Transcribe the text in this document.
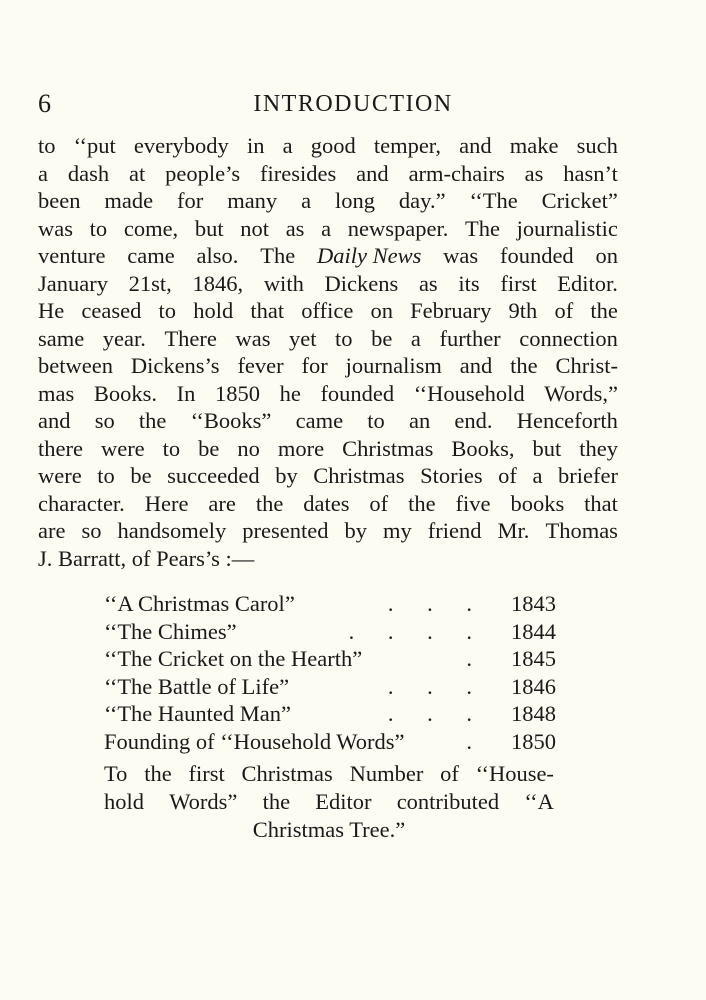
6	INTRODUCTION
to ‘‘put everybody in a good temper, and make such
a dash at people’s firesides and arm-chairs as hasn’t
been made for many a long day.” ‘‘The Cricket”
was to come, but not as a newspaper. The journalistic
venture came also. The Daily News was founded on
January 21st, 1846, with Dickens as its first Editor.
He ceased to hold that office on February 9th of the
same year. There was yet to be a further connection
between Dickens’s fever for journalism and the Christ-
mas Books. In 1850 he founded ‘‘Household Words,”
and so the ‘‘Books” came to an end. Henceforth
there were to be no more Christmas Books, but they
were to be succeeded by Christmas Stories of a briefer
character. Here are the dates of the five books that
are so handsomely presented by my friend Mr. Thomas
J. Barratt, of Pears’s :—
‘‘A Christmas Carol”	. . . 1843
‘‘The Chimes”	. . . . 1844
‘‘The Cricket on the Hearth”	. 1845
‘‘The Battle of Life”	. . . 1846
‘‘The Haunted Man”	. . . 1848
Founding of ‘‘Household Words”	. 1850
To the first Christmas Number of ‘‘House-
hold Words” the Editor contributed ‘‘A
Christmas Tree.”
